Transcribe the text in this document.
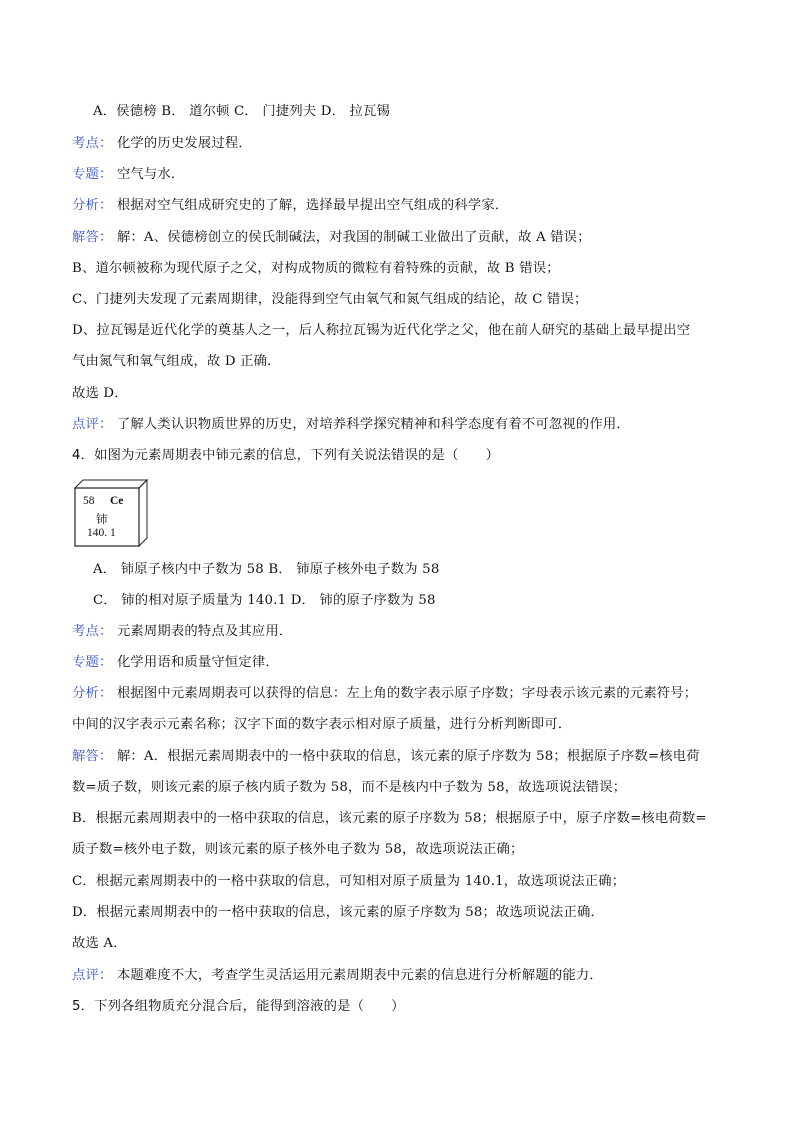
A．侯德榜 B． 道尔顿 C． 门捷列夫 D． 拉瓦锡
考点： 化学的历史发展过程．
专题： 空气与水．
分析： 根据对空气组成研究史的了解，选择最早提出空气组成的科学家．
解答： 解：A、侯德榜创立的侯氏制碱法，对我国的制碱工业做出了贡献，故 A 错误；
B、道尔顿被称为现代原子之父，对构成物质的微粒有着特殊的贡献，故 B 错误；
C、门捷列夫发现了元素周期律，没能得到空气由氧气和氮气组成的结论，故 C 错误；
D、拉瓦锡是近代化学的奠基人之一，后人称拉瓦锡为近代化学之父，他在前人研究的基础上最早提出空
气由氮气和氧气组成，故 D 正确．
故选 D．
点评： 了解人类认识物质世界的历史，对培养科学探究精神和科学态度有着不可忽视的作用．
4．如图为元素周期表中铈元素的信息，下列有关说法错误的是（　　）
58 Ce
铈
140. 1
A． 铈原子核内中子数为 58 B． 铈原子核外电子数为 58
C． 铈的相对原子质量为 140.1 D． 铈的原子序数为 58
考点： 元素周期表的特点及其应用．
专题： 化学用语和质量守恒定律．
分析： 根据图中元素周期表可以获得的信息：左上角的数字表示原子序数；字母表示该元素的元素符号；
中间的汉字表示元素名称；汉字下面的数字表示相对原子质量，进行分析判断即可．
解答： 解：A．根据元素周期表中的一格中获取的信息，该元素的原子序数为 58；根据原子序数=核电荷
数=质子数，则该元素的原子核内质子数为 58，而不是核内中子数为 58，故选项说法错误；
B．根据元素周期表中的一格中获取的信息，该元素的原子序数为 58；根据原子中，原子序数=核电荷数=
质子数=核外电子数，则该元素的原子核外电子数为 58，故选项说法正确；
C．根据元素周期表中的一格中获取的信息，可知相对原子质量为 140.1，故选项说法正确；
D．根据元素周期表中的一格中获取的信息，该元素的原子序数为 58；故选项说法正确．
故选 A．
点评： 本题难度不大，考查学生灵活运用元素周期表中元素的信息进行分析解题的能力．
5．下列各组物质充分混合后，能得到溶液的是（　　）
